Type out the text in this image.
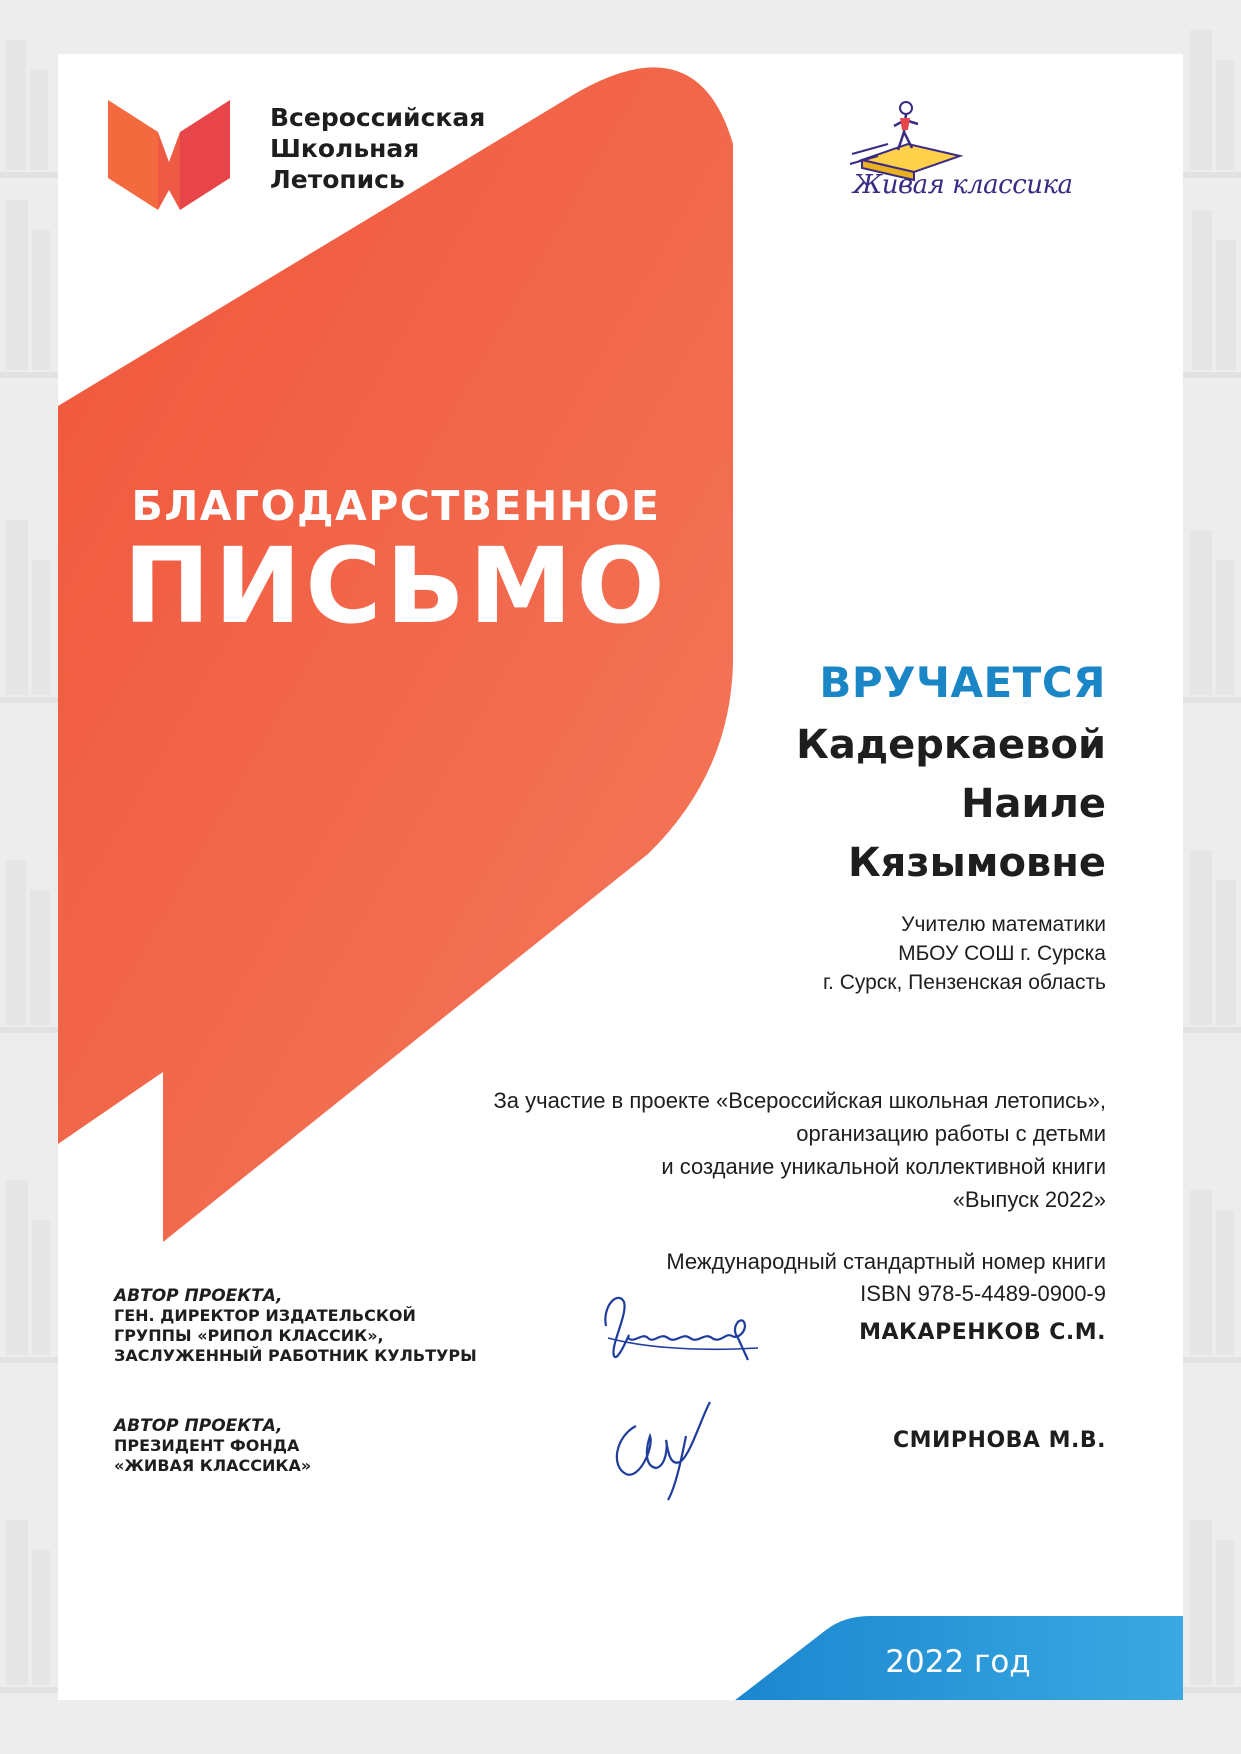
Всероссийская
Школьная
Летопись	Живая классика

БЛАГОДАРСТВЕННОЕ

ПИСЬМО

ВРУЧАЕТСЯ

Кадеркаевой
Наиле
Кязымовне

Учителю математики
МБОУ СОШ г. Сурска
г. Сурск, Пензенская область

За участие в проекте «Всероссийская школьная летопись»,
организацию работы с детьми
и создание уникальной коллективной книги
«Выпуск 2022»

Международный стандартный номер книги
ISBN 978-5-4489-0900-9

АВТОР ПРОЕКТА,
ГЕН. ДИРЕКТОР ИЗДАТЕЛЬСКОЙ
ГРУППЫ «РИПОЛ КЛАССИК»,
ЗАСЛУЖЕННЫЙ РАБОТНИК КУЛЬТУРЫ

АВТОР ПРОЕКТА,
ПРЕЗИДЕНТ ФОНДА
«ЖИВАЯ КЛАССИКА»

МАКАРЕНКОВ С.М.

СМИРНОВА М.В.

2022 год
